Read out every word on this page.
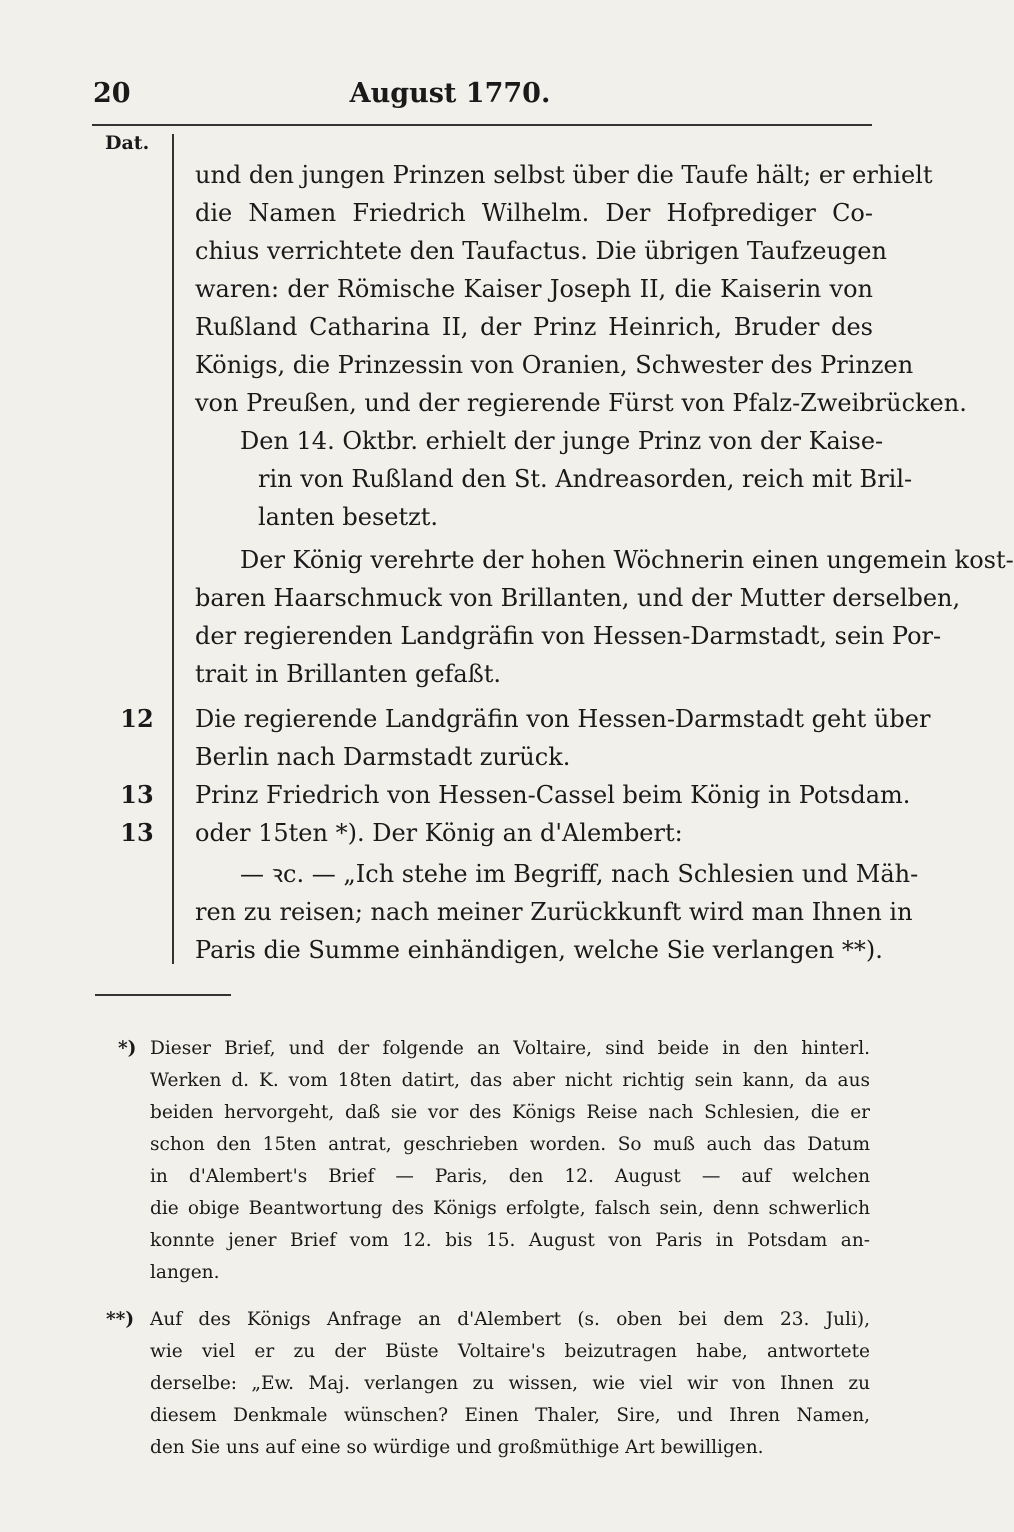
20	August 1770.
Dat.
und den jungen Prinzen selbst über die Taufe hält; er erhielt
die Namen Friedrich Wilhelm. Der Hofprediger Co-
chius verrichtete den Taufactus. Die übrigen Taufzeugen
waren: der Römische Kaiser Joseph II, die Kaiserin von
Rußland Catharina II, der Prinz Heinrich, Bruder des
Königs, die Prinzessin von Oranien, Schwester des Prinzen
von Preußen, und der regierende Fürst von Pfalz-Zweibrücken.
Den 14. Oktbr. erhielt der junge Prinz von der Kaise-
rin von Rußland den St. Andreasorden, reich mit Bril-
lanten besetzt.
Der König verehrte der hohen Wöchnerin einen ungemein kost-
baren Haarschmuck von Brillanten, und der Mutter derselben,
der regierenden Landgräfin von Hessen-Darmstadt, sein Por-
trait in Brillanten gefaßt.
Die regierende Landgräfin von Hessen-Darmstadt geht über
Berlin nach Darmstadt zurück.
Prinz Friedrich von Hessen-Cassel beim König in Potsdam.
oder 15ten *). Der König an d'Alembert:
— ꝛc. — „Ich stehe im Begriff, nach Schlesien und Mäh-
ren zu reisen; nach meiner Zurückkunft wird man Ihnen in
Paris die Summe einhändigen, welche Sie verlangen **).
12
13
13
*) Dieser Brief, und der folgende an Voltaire, sind beide in den hinterl.
Werken d. K. vom 18ten datirt, das aber nicht richtig sein kann, da aus
beiden hervorgeht, daß sie vor des Königs Reise nach Schlesien, die er
schon den 15ten antrat, geschrieben worden. So muß auch das Datum
in d'Alembert's Brief — Paris, den 12. August — auf welchen
die obige Beantwortung des Königs erfolgte, falsch sein, denn schwerlich
konnte jener Brief vom 12. bis 15. August von Paris in Potsdam an-
langen.
**) Auf des Königs Anfrage an d'Alembert (s. oben bei dem 23. Juli),
wie viel er zu der Büste Voltaire's beizutragen habe, antwortete
derselbe: „Ew. Maj. verlangen zu wissen, wie viel wir von Ihnen zu
diesem Denkmale wünschen? Einen Thaler, Sire, und Ihren Namen,
den Sie uns auf eine so würdige und großmüthige Art bewilligen.
